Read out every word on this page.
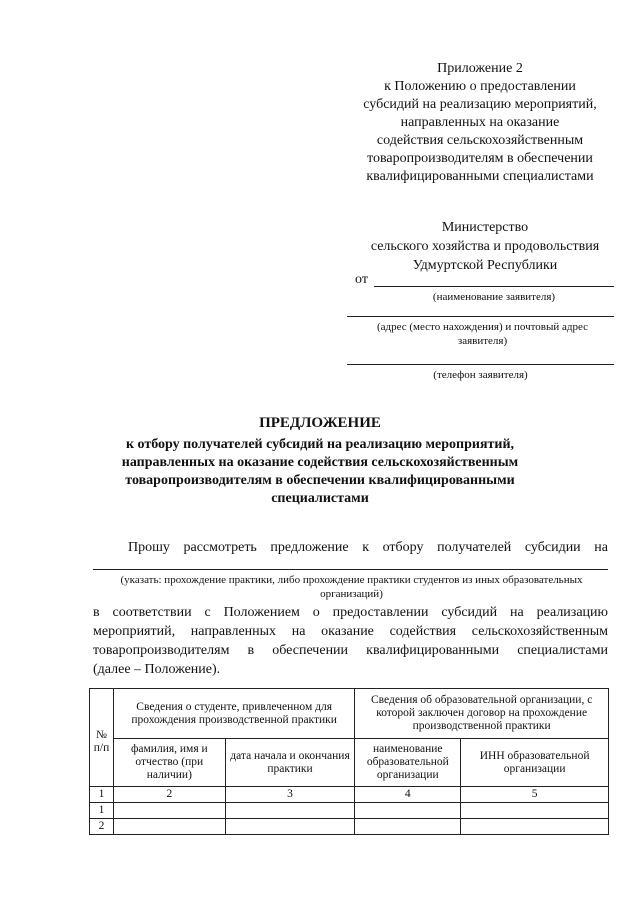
Приложение 2
к Положению о предоставлении
субсидий на реализацию мероприятий,
направленных на оказание
содействия сельскохозяйственным
товаропроизводителям в обеспечении
квалифицированными специалистами
Министерство
сельского хозяйства и продовольствия
Удмуртской Республики
от
(наименование заявителя)
(адрес (место нахождения) и почтовый адрес заявителя)
(телефон заявителя)
ПРЕДЛОЖЕНИЕ
к отбору получателей субсидий на реализацию мероприятий,
направленных на оказание содействия сельскохозяйственным
товаропроизводителям в обеспечении квалифицированными
специалистами
Прошу рассмотреть предложение к отбору получателей субсидии на
(указать: прохождение практики, либо прохождение практики студентов из иных образовательных организаций)
в соответствии с Положением о предоставлении субсидий на реализацию
мероприятий, направленных на оказание содействия сельскохозяйственным
товаропроизводителям в обеспечении квалифицированными специалистами
(далее – Положение).
№ п/п	Сведения о студенте, привлеченном для прохождения производственной практики		Сведения об образовательной организации, с которой заключен договор на прохождение производственной практики	
	фамилия, имя и отчество (при наличии)	дата начала и окончания практики	наименование образовательной организации	ИНН образовательной организации
1	2	3	4	5
1				
2				
